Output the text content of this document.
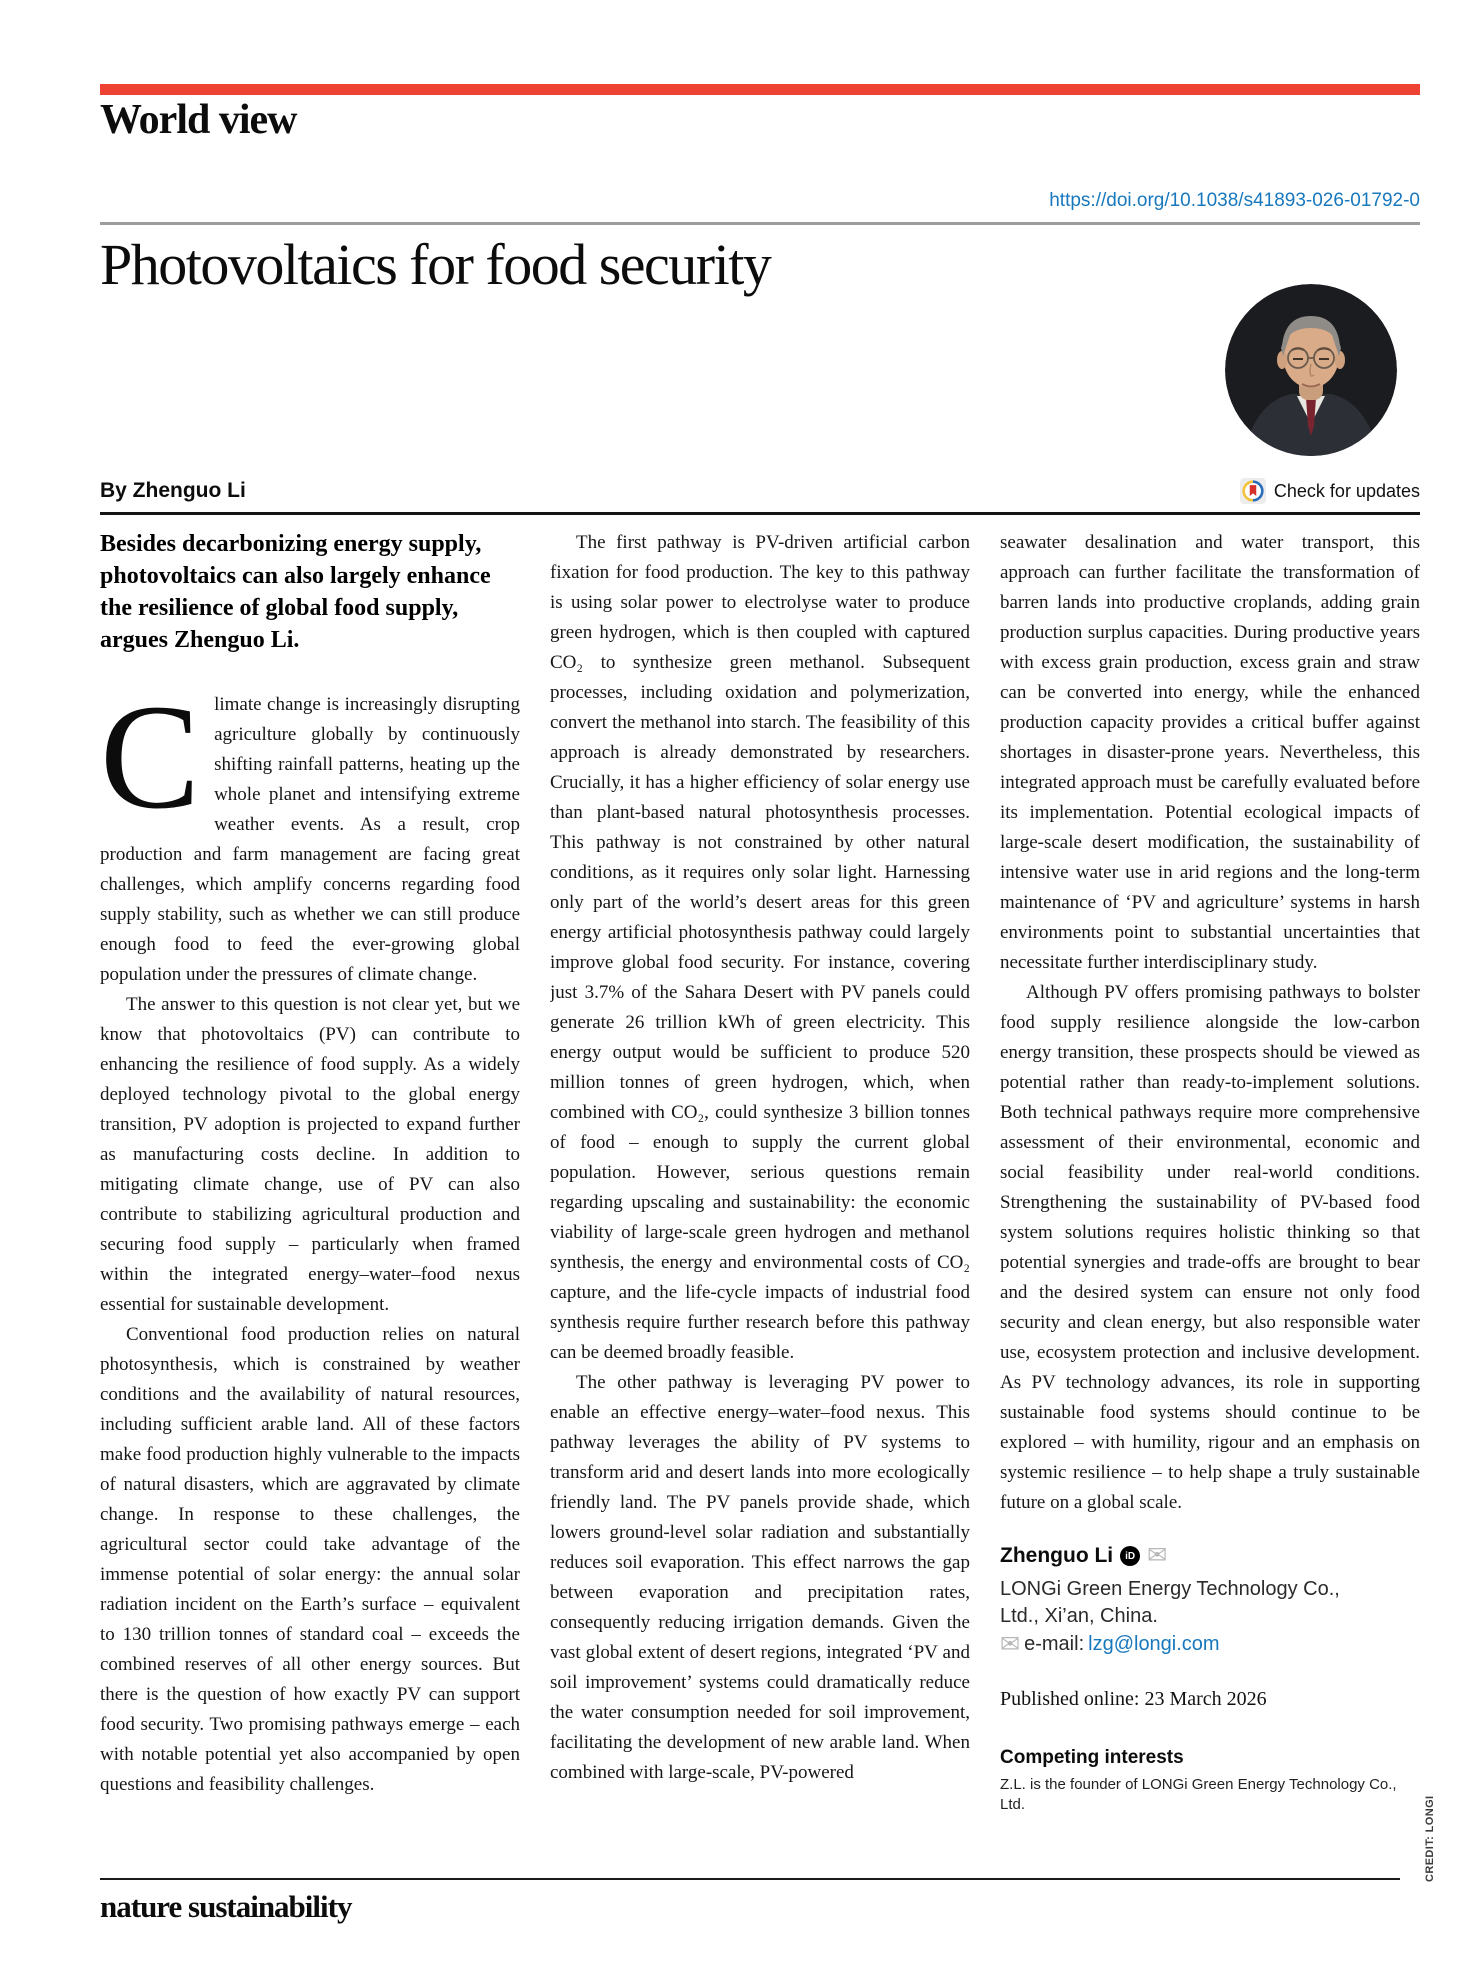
World view
https://doi.org/10.1038/s41893-026-01792-0
Photovoltaics for food security
By Zhenguo Li	Check for updates

Besides decarbonizing energy supply, photovoltaics can also largely enhance the resilience of global food supply, argues Zhenguo Li.

Climate change is increasingly disrupting agriculture globally by continuously shifting rainfall patterns, heating up the whole planet and intensifying extreme weather events. As a result, crop production and farm management are facing great challenges, which amplify concerns regarding food supply stability, such as whether we can still produce enough food to feed the ever-growing global population under the pressures of climate change.

The answer to this question is not clear yet, but we know that photovoltaics (PV) can contribute to enhancing the resilience of food supply. As a widely deployed technology pivotal to the global energy transition, PV adoption is projected to expand further as manufacturing costs decline. In addition to mitigating climate change, use of PV can also contribute to stabilizing agricultural production and securing food supply – particularly when framed within the integrated energy–water–food nexus essential for sustainable development.

Conventional food production relies on natural photosynthesis, which is constrained by weather conditions and the availability of natural resources, including sufficient arable land. All of these factors make food production highly vulnerable to the impacts of natural disasters, which are aggravated by climate change. In response to these challenges, the agricultural sector could take advantage of the immense potential of solar energy: the annual solar radiation incident on the Earth’s surface – equivalent to 130 trillion tonnes of standard coal – exceeds the combined reserves of all other energy sources. But there is the question of how exactly PV can support food security. Two promising pathways emerge – each with notable potential yet also accompanied by open questions and feasibility challenges.

The first pathway is PV-driven artificial carbon fixation for food production. The key to this pathway is using solar power to electrolyse water to produce green hydrogen, which is then coupled with captured CO₂ to synthesize green methanol. Subsequent processes, including oxidation and polymerization, convert the methanol into starch. The feasibility of this approach is already demonstrated by researchers. Crucially, it has a higher efficiency of solar energy use than plant-based natural photosynthesis processes. This pathway is not constrained by other natural conditions, as it requires only solar light. Harnessing only part of the world’s desert areas for this green energy artificial photosynthesis pathway could largely improve global food security. For instance, covering just 3.7% of the Sahara Desert with PV panels could generate 26 trillion kWh of green electricity. This energy output would be sufficient to produce 520 million tonnes of green hydrogen, which, when combined with CO₂, could synthesize 3 billion tonnes of food – enough to supply the current global population. However, serious questions remain regarding upscaling and sustainability: the economic viability of large-scale green hydrogen and methanol synthesis, the energy and environmental costs of CO₂ capture, and the life-cycle impacts of industrial food synthesis require further research before this pathway can be deemed broadly feasible.

The other pathway is leveraging PV power to enable an effective energy–water–food nexus. This pathway leverages the ability of PV systems to transform arid and desert lands into more ecologically friendly land. The PV panels provide shade, which lowers ground-level solar radiation and substantially reduces soil evaporation. This effect narrows the gap between evaporation and precipitation rates, consequently reducing irrigation demands. Given the vast global extent of desert regions, integrated ‘PV and soil improvement’ systems could dramatically reduce the water consumption needed for soil improvement, facilitating the development of new arable land. When combined with large-scale, PV-powered

seawater desalination and water transport, this approach can further facilitate the transformation of barren lands into productive croplands, adding grain production surplus capacities. During productive years with excess grain production, excess grain and straw can be converted into energy, while the enhanced production capacity provides a critical buffer against shortages in disaster-prone years. Nevertheless, this integrated approach must be carefully evaluated before its implementation. Potential ecological impacts of large-scale desert modification, the sustainability of intensive water use in arid regions and the long-term maintenance of ‘PV and agriculture’ systems in harsh environments point to substantial uncertainties that necessitate further interdisciplinary study.

Although PV offers promising pathways to bolster food supply resilience alongside the low-carbon energy transition, these prospects should be viewed as potential rather than ready-to-implement solutions. Both technical pathways require more comprehensive assessment of their environmental, economic and social feasibility under real-world conditions. Strengthening the sustainability of PV-based food system solutions requires holistic thinking so that potential synergies and trade-offs are brought to bear and the desired system can ensure not only food security and clean energy, but also responsible water use, ecosystem protection and inclusive development. As PV technology advances, its role in supporting sustainable food systems should continue to be explored – with humility, rigour and an emphasis on systemic resilience – to help shape a truly sustainable future on a global scale.

Zhenguo Li	iD ✉
LONGi Green Energy Technology Co., Ltd., Xi’an, China.
✉ e-mail: lzg@longi.com
Published online: 23 March 2026
Competing interests
Z.L. is the founder of LONGi Green Energy Technology Co., Ltd.	CREDIT: LONGI
nature sustainability
